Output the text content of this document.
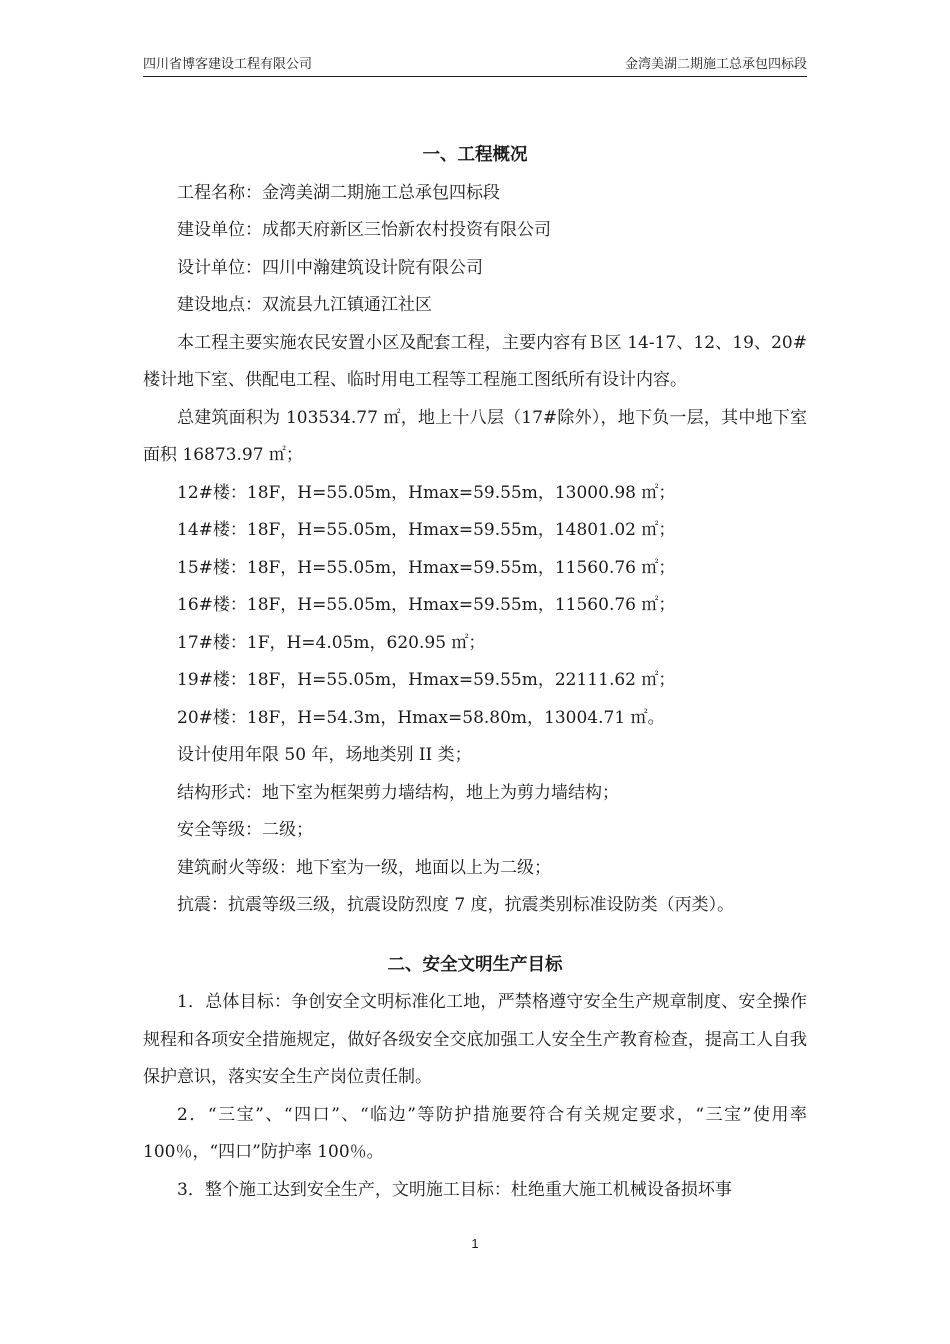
四川省博客建设工程有限公司	金湾美湖二期施工总承包四标段
一、工程概况

工程名称：金湾美湖二期施工总承包四标段

建设单位：成都天府新区三怡新农村投资有限公司

设计单位：四川中瀚建筑设计院有限公司

建设地点：双流县九江镇通江社区

本工程主要实施农民安置小区及配套工程，主要内容有Ｂ区 14-17、12、19、20#楼计地下室、供配电工程、临时用电工程等工程施工图纸所有设计内容。

总建筑面积为 103534.77 ㎡，地上十八层（17#除外），地下负一层，其中地下室面积 16873.97 ㎡；

12#楼：18F，H=55.05m，Hmax=59.55m，13000.98 ㎡；

14#楼：18F，H=55.05m，Hmax=59.55m，14801.02 ㎡；

15#楼：18F，H=55.05m，Hmax=59.55m，11560.76 ㎡；

16#楼：18F，H=55.05m，Hmax=59.55m，11560.76 ㎡；

17#楼：1F，H=4.05m，620.95 ㎡；

19#楼：18F，H=55.05m，Hmax=59.55m，22111.62 ㎡；

20#楼：18F，H=54.3m，Hmax=58.80m，13004.71 ㎡。

设计使用年限 50 年，场地类别 II 类；

结构形式：地下室为框架剪力墙结构，地上为剪力墙结构；

安全等级：二级；

建筑耐火等级：地下室为一级，地面以上为二级；

抗震：抗震等级三级，抗震设防烈度 7 度，抗震类别标准设防类（丙类）。

二、安全文明生产目标

1．总体目标：争创安全文明标准化工地，严禁格遵守安全生产规章制度、安全操作规程和各项安全措施规定，做好各级安全交底加强工人安全生产教育检查，提高工人自我保护意识，落实安全生产岗位责任制。

2．“三宝”、“四口”、“临边”等防护措施要符合有关规定要求，“三宝”使用率 100％，“四口”防护率 100％。

3．整个施工达到安全生产，文明施工目标：杜绝重大施工机械设备损坏事

1
